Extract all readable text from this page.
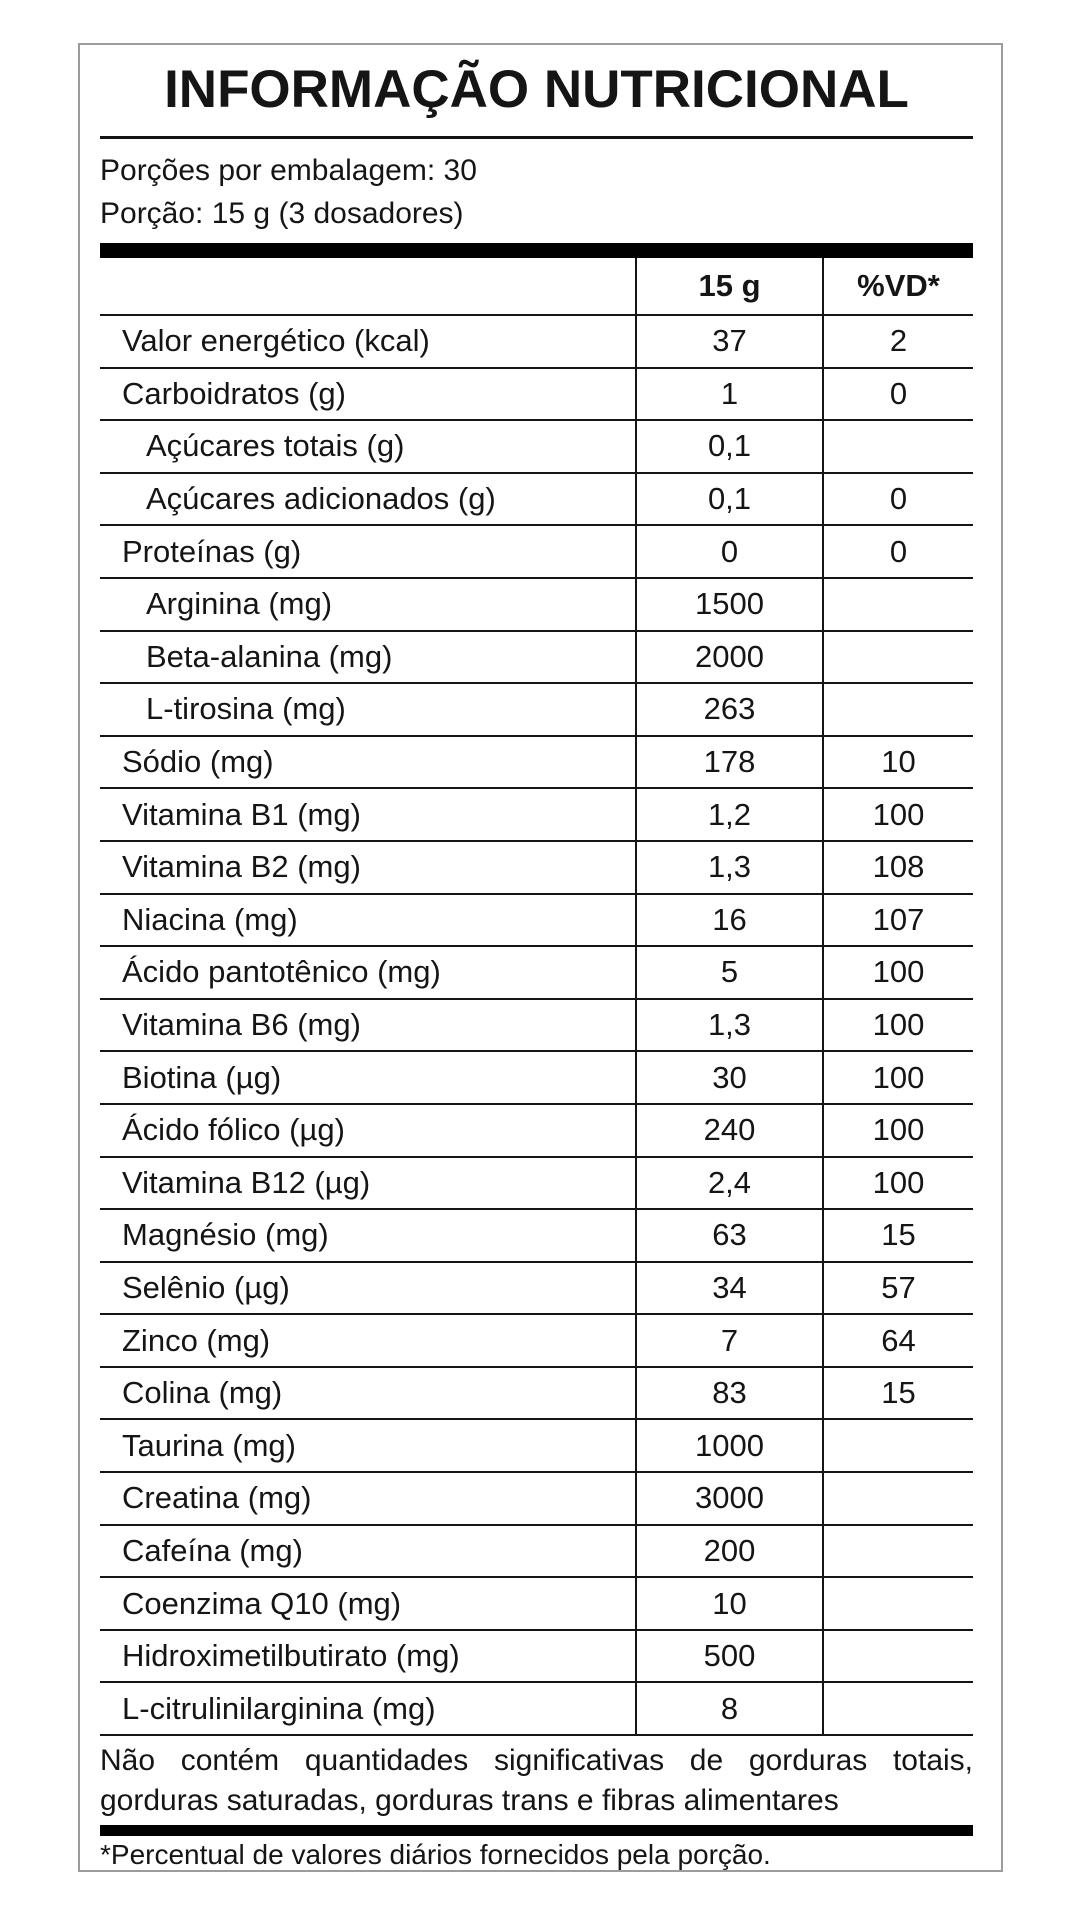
INFORMAÇÃO NUTRICIONAL
Porções por embalagem: 30
Porção: 15 g (3 dosadores)
15 g	%VD*
Valor energético (kcal)	37	2
Carboidratos (g)	1	0
Açúcares totais (g)	0,1
Açúcares adicionados (g)	0,1	0
Proteínas (g)	0	0
Arginina (mg)	1500
Beta-alanina (mg)	2000
L-tirosina (mg)	263
Sódio (mg)	178	10
Vitamina B1 (mg)	1,2	100
Vitamina B2 (mg)	1,3	108
Niacina (mg)	16	107
Ácido pantotênico (mg)	5	100
Vitamina B6 (mg)	1,3	100
Biotina (µg)	30	100
Ácido fólico (µg)	240	100
Vitamina B12 (µg)	2,4	100
Magnésio (mg)	63	15
Selênio (µg)	34	57
Zinco (mg)	7	64
Colina (mg)	83	15
Taurina (mg)	1000
Creatina (mg)	3000
Cafeína (mg)	200
Coenzima Q10 (mg)	10
Hidroximetilbutirato (mg)	500
L-citrulinilarginina (mg)	8
Não contém quantidades significativas de gorduras totais, gorduras saturadas, gorduras trans e fibras alimentares
*Percentual de valores diários fornecidos pela porção.
